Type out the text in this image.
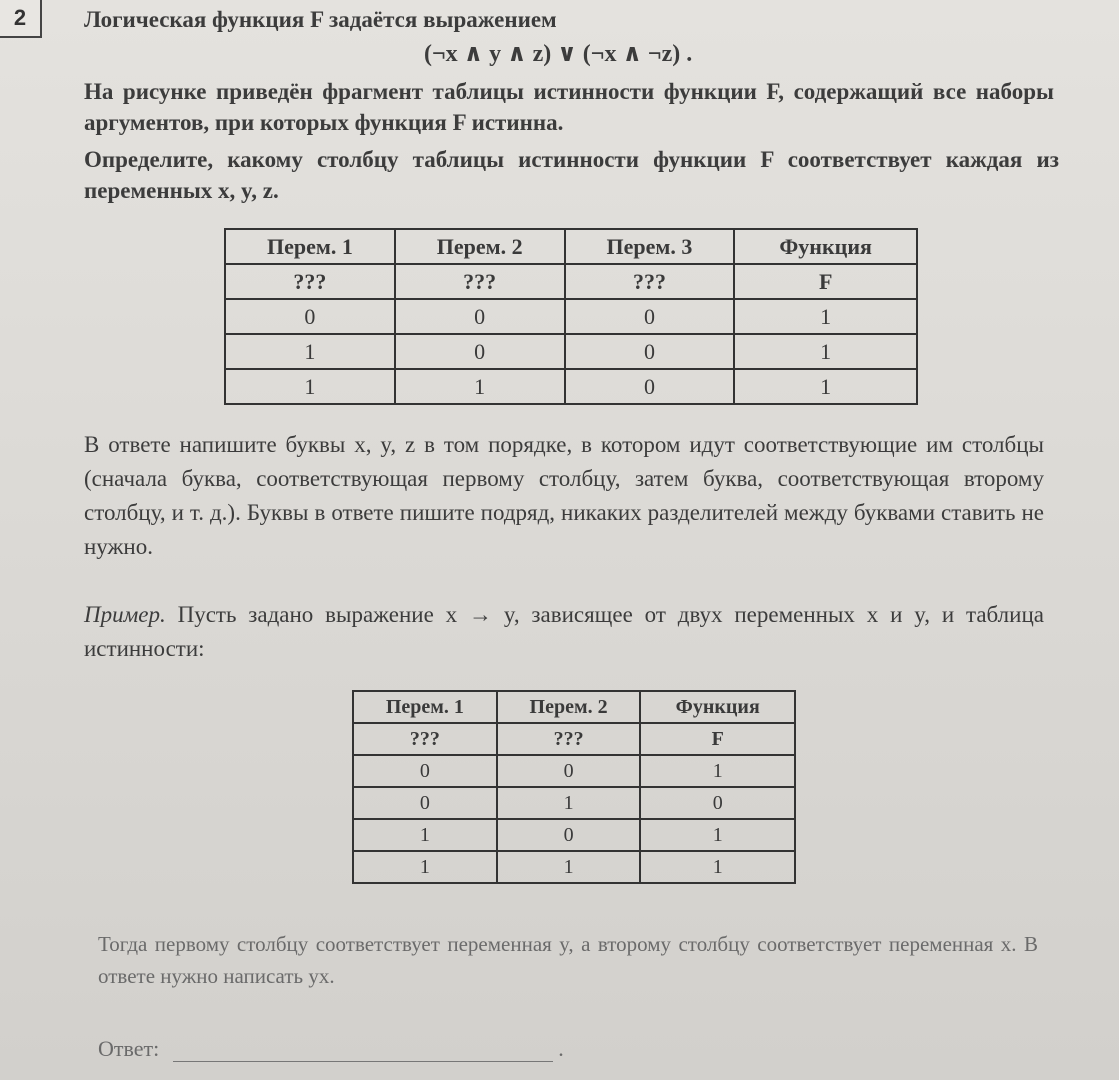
2	Логическая функция F задаётся выражением
(¬x ∧ y ∧ z) ∨ (¬x ∧ ¬z) .
На рисунке приведён фрагмент таблицы истинности функции F, содержащий все наборы аргументов, при которых функция F истинна.
Определите, какому столбцу таблицы истинности функции F соответствует каждая из переменных x, y, z.
Перем. 1	Перем. 2	Перем. 3	Функция
???	???	???	F
0	0	0	1
1	0	0	1
1	1	0	1
В ответе напишите буквы x, y, z в том порядке, в котором идут соответствующие им столбцы (сначала буква, соответствующая первому столбцу, затем буква, соответствующая второму столбцу, и т. д.). Буквы в ответе пишите подряд, никаких разделителей между буквами ставить не нужно.
Пример. Пусть задано выражение x → y, зависящее от двух переменных x и y, и таблица истинности:
Перем. 1	Перем. 2	Функция
???	???	F
0	0	1
0	1	0
1	0	1
1	1	1
Тогда первому столбцу соответствует переменная y, а второму столбцу соответствует переменная x. В ответе нужно написать yx.
Ответ:	.
